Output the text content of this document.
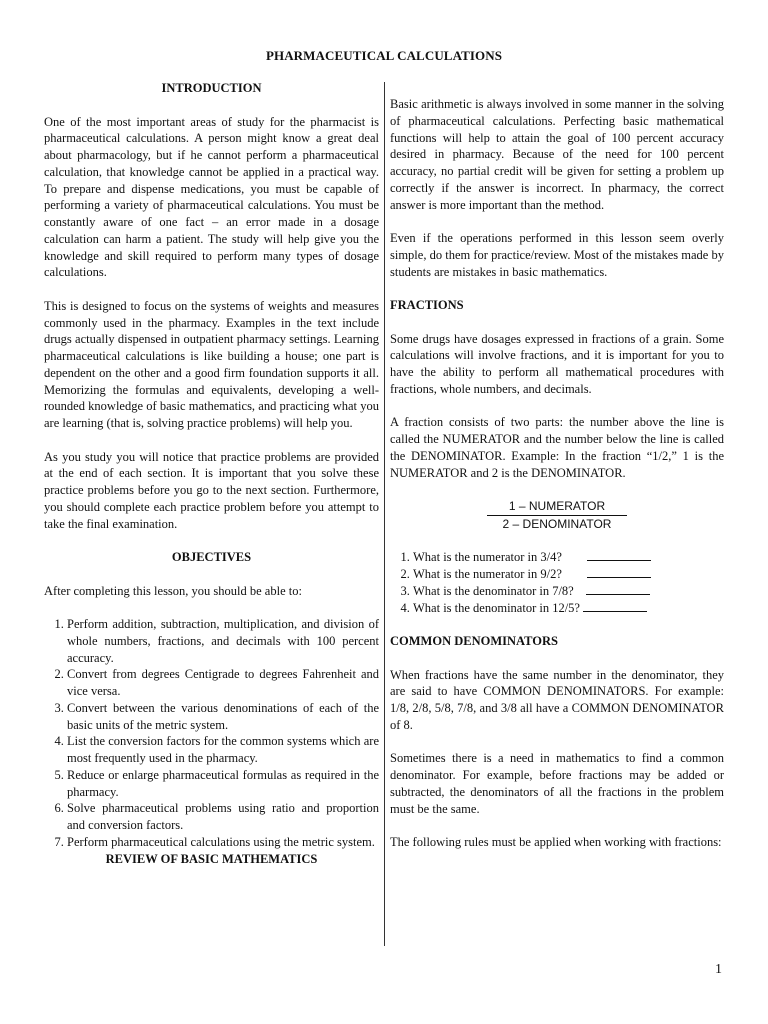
PHARMACEUTICAL CALCULATIONS
INTRODUCTION

One of the most important areas of study for the pharmacist is pharmaceutical calculations. A person might know a great deal about pharmacology, but if he cannot perform a pharmaceutical calculation, that knowledge cannot be applied in a practical way. To prepare and dispense medications, you must be capable of performing a variety of pharmaceutical calculations. You must be constantly aware of one fact – an error made in a dosage calculation can harm a patient. The study will help give you the knowledge and skill required to perform many types of dosage calculations.

This is designed to focus on the systems of weights and measures commonly used in the pharmacy. Examples in the text include drugs actually dispensed in outpatient pharmacy settings. Learning pharmaceutical calculations is like building a house; one part is dependent on the other and a good firm foundation supports it all. Memorizing the formulas and equivalents, developing a well-rounded knowledge of basic mathematics, and practicing what you are learning (that is, solving practice problems) will help you.

As you study you will notice that practice problems are provided at the end of each section. It is important that you solve these practice problems before you go to the next section. Furthermore, you should complete each practice problem before you attempt to take the final examination.

OBJECTIVES

After completing this lesson, you should be able to:

1. Perform addition, subtraction, multiplication, and division of whole numbers, fractions, and decimals with 100 percent accuracy.
2. Convert from degrees Centigrade to degrees Fahrenheit and vice versa.
3. Convert between the various denominations of each of the basic units of the metric system.
4. List the conversion factors for the common systems which are most frequently used in the pharmacy.
5. Reduce or enlarge pharmaceutical formulas as required in the pharmacy.
6. Solve pharmaceutical problems using ratio and proportion and conversion factors.
7. Perform pharmaceutical calculations using the metric system.
REVIEW OF BASIC MATHEMATICS

Basic arithmetic is always involved in some manner in the solving of pharmaceutical calculations. Perfecting basic mathematical functions will help to attain the goal of 100 percent accuracy desired in pharmacy. Because of the need for 100 percent accuracy, no partial credit will be given for setting a problem up correctly if the answer is incorrect. In pharmacy, the correct answer is more important than the method.

Even if the operations performed in this lesson seem overly simple, do them for practice/review. Most of the mistakes made by students are mistakes in basic mathematics.

FRACTIONS

Some drugs have dosages expressed in fractions of a grain. Some calculations will involve fractions, and it is important for you to have the ability to perform all mathematical procedures with fractions, whole numbers, and decimals.

A fraction consists of two parts: the number above the line is called the NUMERATOR and the number below the line is called the DENOMINATOR. Example: In the fraction “1/2,” 1 is the NUMERATOR and 2 is the DENOMINATOR.

1 – NUMERATOR
2 – DENOMINATOR
1. What is the numerator in 3/4?
2. What is the numerator in 9/2?
3. What is the denominator in 7/8?
4. What is the denominator in 12/5?
COMMON DENOMINATORS

When fractions have the same number in the denominator, they are said to have COMMON DENOMINATORS. For example: 1/8, 2/8, 5/8, 7/8, and 3/8 all have a COMMON DENOMINATOR of 8.

Sometimes there is a need in mathematics to find a common denominator. For example, before fractions may be added or subtracted, the denominators of all the fractions in the problem must be the same.

The following rules must be applied when working with fractions:

1
